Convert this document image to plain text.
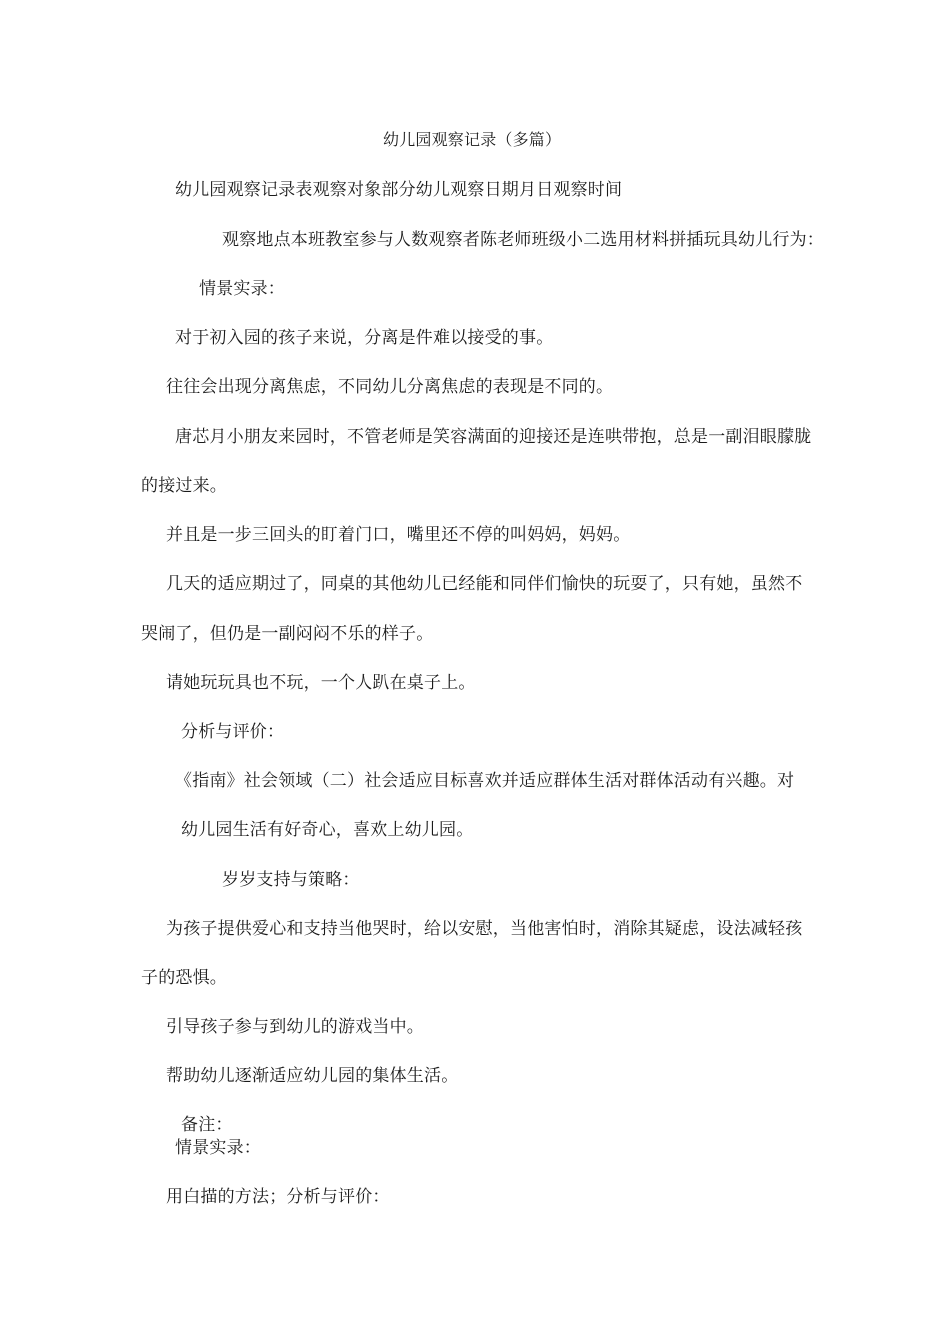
幼儿园观察记录（多篇）
幼儿园观察记录表观察对象部分幼儿观察日期月日观察时间
观察地点本班教室参与人数观察者陈老师班级小二选用材料拼插玩具幼儿行为：
情景实录：
对于初入园的孩子来说，分离是件难以接受的事。
往往会出现分离焦虑，不同幼儿分离焦虑的表现是不同的。
唐芯月小朋友来园时，不管老师是笑容满面的迎接还是连哄带抱，总是一副泪眼朦胧
的接过来。
并且是一步三回头的盯着门口，嘴里还不停的叫妈妈，妈妈。
几天的适应期过了，同桌的其他幼儿已经能和同伴们愉快的玩耍了，只有她，虽然不
哭闹了，但仍是一副闷闷不乐的样子。
请她玩玩具也不玩，一个人趴在桌子上。
分析与评价：
《指南》社会领域（二）社会适应目标喜欢并适应群体生活对群体活动有兴趣。对
幼儿园生活有好奇心，喜欢上幼儿园。
岁岁支持与策略：
为孩子提供爱心和支持当他哭时，给以安慰，当他害怕时，消除其疑虑，设法减轻孩
子的恐惧。
引导孩子参与到幼儿的游戏当中。
帮助幼儿逐渐适应幼儿园的集体生活。
备注：
情景实录：
用白描的方法；分析与评价：
